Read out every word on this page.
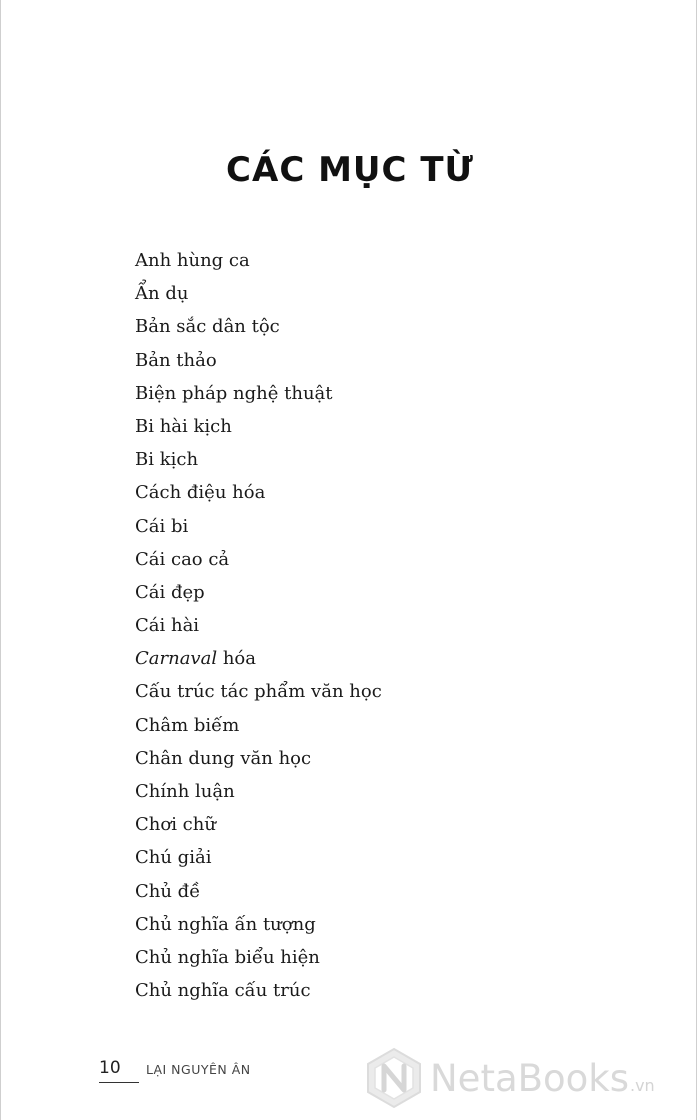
CÁC MỤC TỪ
Anh hùng ca
Ẩn dụ
Bản sắc dân tộc
Bản thảo
Biện pháp nghệ thuật
Bi hài kịch
Bi kịch
Cách điệu hóa
Cái bi
Cái cao cả
Cái đẹp
Cái hài
Carnaval hóa
Cấu trúc tác phẩm văn học
Châm biếm
Chân dung văn học
Chính luận
Chơi chữ
Chú giải
Chủ đề
Chủ nghĩa ấn tượng
Chủ nghĩa biểu hiện
Chủ nghĩa cấu trúc
10 LẠI NGUYÊN ÂN	NetaBooks.vn
